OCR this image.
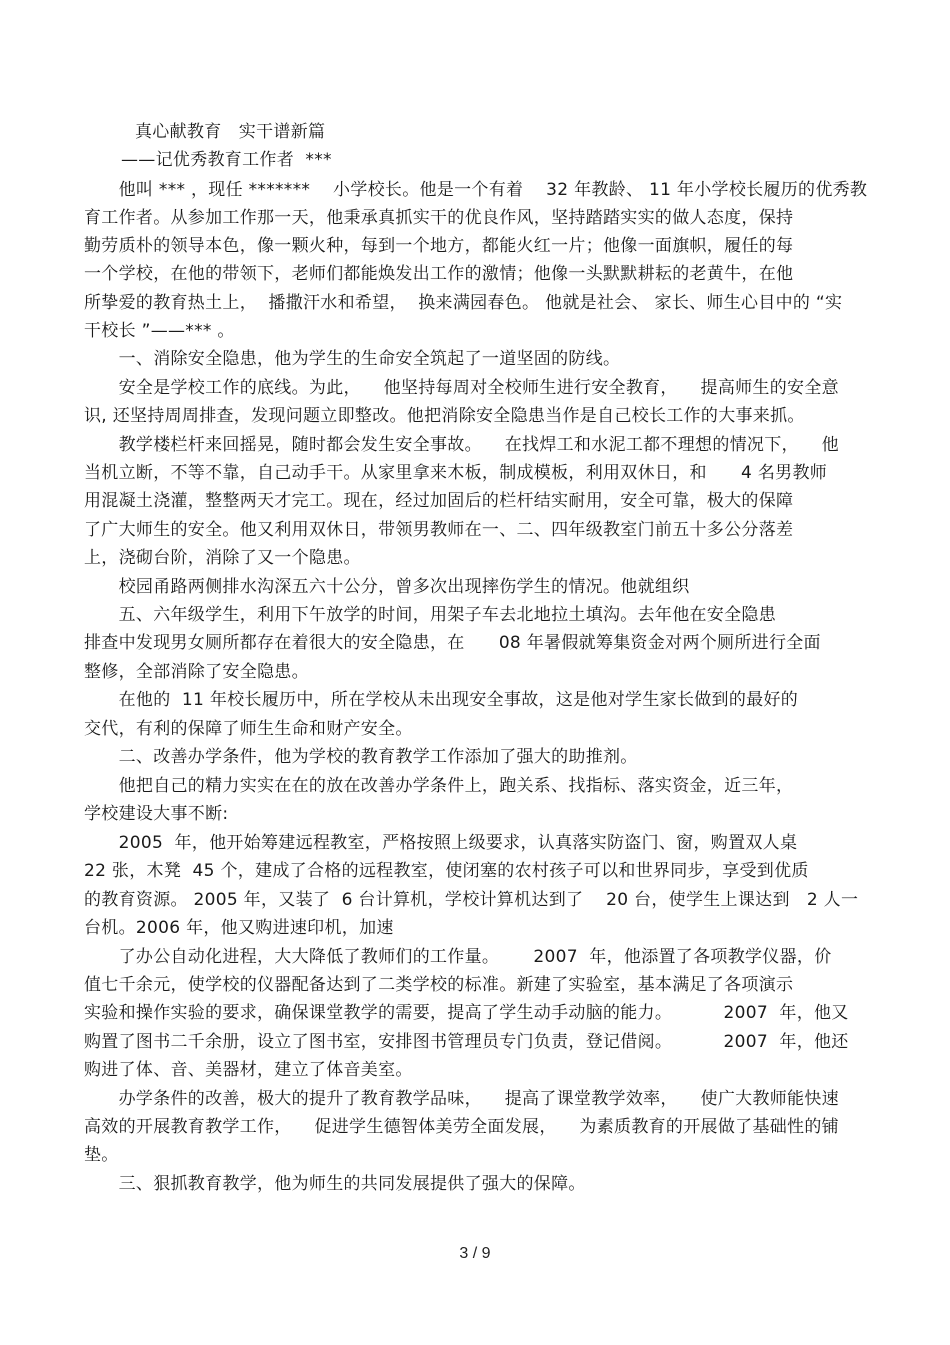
真心献教育　实干谱新篇
——记优秀教育工作者  ***
　　他叫 *** ，现任 *******    小学校长。他是一个有着    32 年教龄、 11 年小学校长履历的优秀教
育工作者。从参加工作那一天，他秉承真抓实干的优良作风，坚持踏踏实实的做人态度，保持
勤劳质朴的领导本色，像一颗火种，每到一个地方，都能火红一片；他像一面旗帜，履任的每
一个学校，在他的带领下，老师们都能焕发出工作的激情；他像一头默默耕耘的老黄牛，在他
所挚爱的教育热土上，  播撒汗水和希望，  换来满园春色。 他就是社会、 家长、师生心目中的 “实
干校长 ”——*** 。
　　一、消除安全隐患，他为学生的生命安全筑起了一道坚固的防线。
　　安全是学校工作的底线。为此，    他坚持每周对全校师生进行安全教育，    提高师生的安全意
识, 还坚持周周排查，发现问题立即整改。他把消除安全隐患当作是自己校长工作的大事来抓。
　　教学楼栏杆来回摇晃，随时都会发生安全事故。    在找焊工和水泥工都不理想的情况下，    他
当机立断，不等不靠，自己动手干。从家里拿来木板，制成模板，利用双休日，和      4 名男教师
用混凝土浇灌，整整两天才完工。现在，经过加固后的栏杆结实耐用，安全可靠，极大的保障
了广大师生的安全。他又利用双休日，带领男教师在一、二、四年级教室门前五十多公分落差
上，浇砌台阶，消除了又一个隐患。
　　校园甬路两侧排水沟深五六十公分，曾多次出现摔伤学生的情况。他就组织
　　五、六年级学生，利用下午放学的时间，用架子车去北地拉土填沟。去年他在安全隐患
排查中发现男女厕所都存在着很大的安全隐患，在      08 年暑假就筹集资金对两个厕所进行全面
整修，全部消除了安全隐患。
　　在他的  11 年校长履历中，所在学校从未出现安全事故，这是他对学生家长做到的最好的
交代，有利的保障了师生生命和财产安全。
　　二、改善办学条件，他为学校的教育教学工作添加了强大的助推剂。
　　他把自己的精力实实在在的放在改善办学条件上，跑关系、找指标、落实资金，近三年，
学校建设大事不断:
　　2005  年，他开始筹建远程教室，严格按照上级要求，认真落实防盗门、窗，购置双人桌
22 张，木凳  45 个，建成了合格的远程教室，使闭塞的农村孩子可以和世界同步，享受到优质
的教育资源。 2005 年，又装了  6 台计算机，学校计算机达到了    20 台，使学生上课达到   2 人一
台机。2006 年，他又购进速印机，加速
　　了办公自动化进程，大大降低了教师们的工作量。      2007  年，他添置了各项教学仪器，价
值七千余元，使学校的仪器配备达到了二类学校的标准。新建了实验室，基本满足了各项演示
实验和操作实验的要求，确保课堂教学的需要，提高了学生动手动脑的能力。         2007  年，他又
购置了图书二千余册，设立了图书室，安排图书管理员专门负责，登记借阅。         2007  年，他还
购进了体、音、美器材，建立了体音美室。
　　办学条件的改善，极大的提升了教育教学品味，    提高了课堂教学效率，    使广大教师能快速
高效的开展教育教学工作，    促进学生德智体美劳全面发展，    为素质教育的开展做了基础性的铺
垫。
　　三、狠抓教育教学，他为师生的共同发展提供了强大的保障。
3 / 9
